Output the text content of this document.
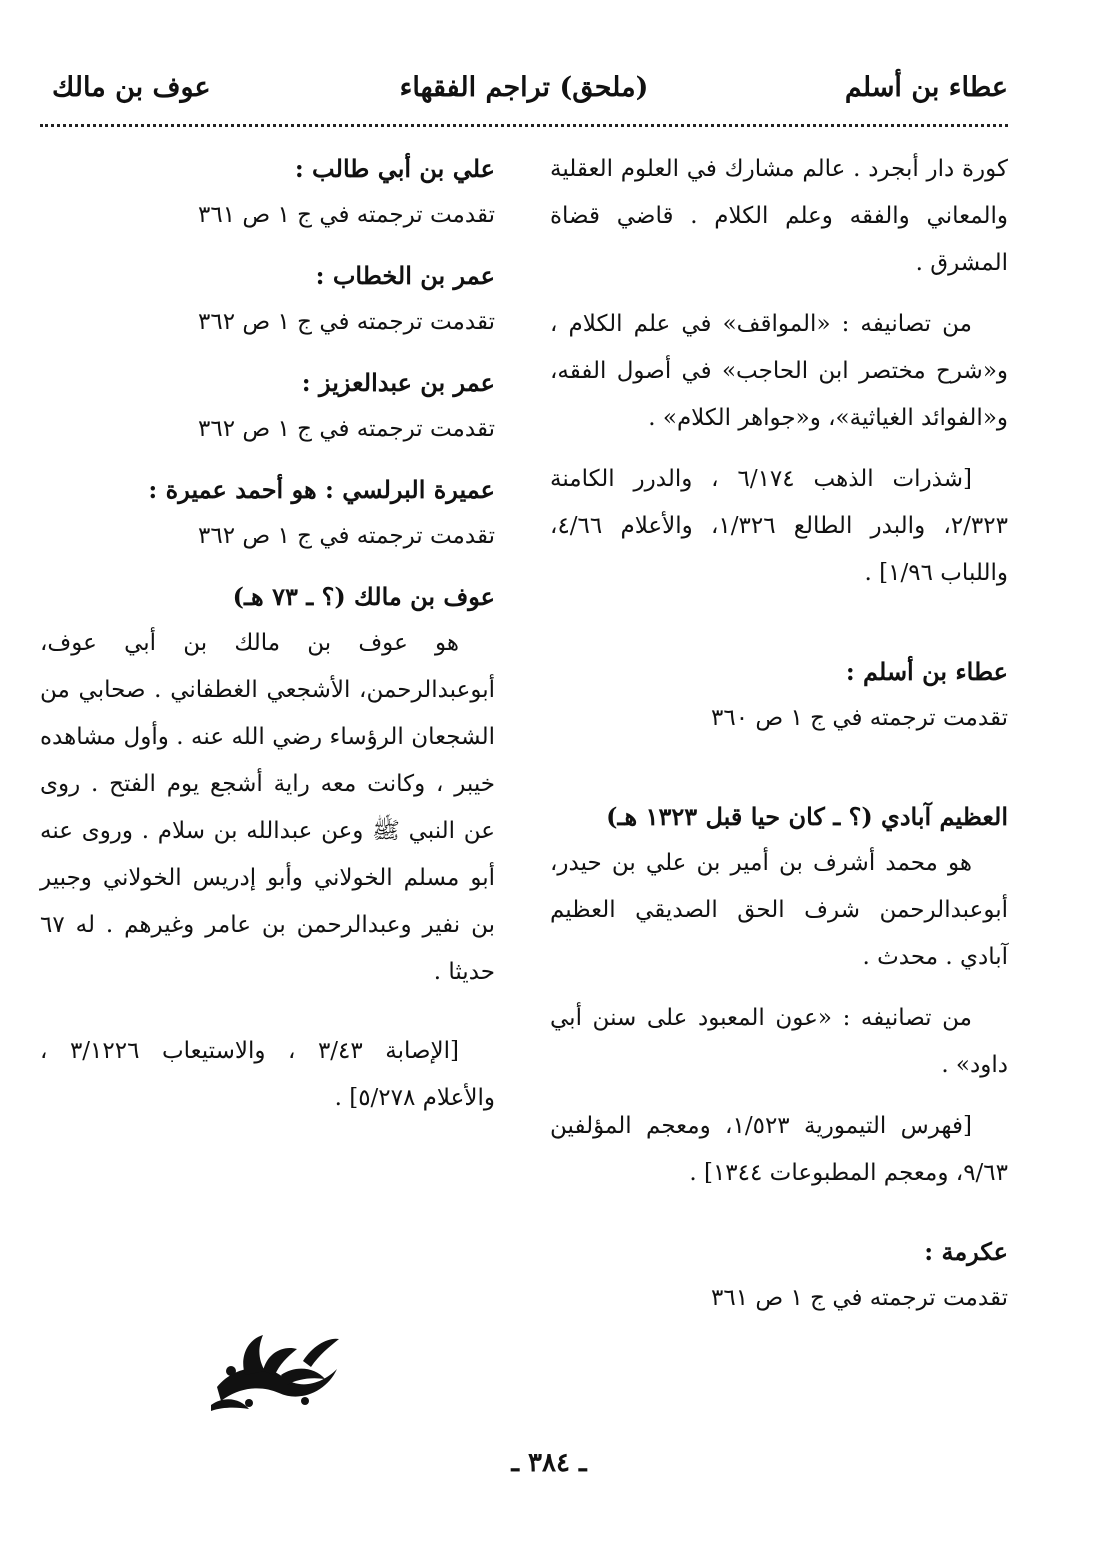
عطاء بن أسلم
(ملحق) تراجم الفقهاء
عوف بن مالك

كورة دار أبجرد . عالم مشارك في العلوم العقلية والمعاني والفقه وعلم الكلام . قاضي قضاة المشرق .

من تصانيفه : «المواقف» في علم الكلام ، و«شرح مختصر ابن الحاجب» في أصول الفقه، و«الفوائد الغياثية»، و«جواهر الكلام» .

[شذرات الذهب ٦/١٧٤ ، والدرر الكامنة ٢/٣٢٣، والبدر الطالع ١/٣٢٦، والأعلام ٤/٦٦، واللباب ١/٩٦] .

عطاء بن أسلم :

تقدمت ترجمته في ج ١ ص ٣٦٠

العظيم آبادي (؟ ـ كان حيا قبل ١٣٢٣ هـ)

هو محمد أشرف بن أمير بن علي بن حيدر، أبوعبدالرحمن شرف الحق الصديقي العظيم آبادي . محدث .

من تصانيفه : «عون المعبود على سنن أبي داود» .

[فهرس التيمورية ١/٥٢٣، ومعجم المؤلفين ٩/٦٣، ومعجم المطبوعات ١٣٤٤] .

عكرمة :

تقدمت ترجمته في ج ١ ص ٣٦١

علي بن أبي طالب :

تقدمت ترجمته في ج ١ ص ٣٦١

عمر بن الخطاب :

تقدمت ترجمته في ج ١ ص ٣٦٢

عمر بن عبدالعزيز :

تقدمت ترجمته في ج ١ ص ٣٦٢

عميرة البرلسي : هو أحمد عميرة :

تقدمت ترجمته في ج ١ ص ٣٦٢

عوف بن مالك (؟ ـ ٧٣ هـ)

هو عوف بن مالك بن أبي عوف، أبوعبدالرحمن، الأشجعي الغطفاني . صحابي من الشجعان الرؤساء رضي الله عنه . وأول مشاهده خيبر ، وكانت معه راية أشجع يوم الفتح . روى عن النبي ﷺ وعن عبدالله بن سلام . وروى عنه أبو مسلم الخولاني وأبو إدريس الخولاني وجبير بن نفير وعبدالرحمن بن عامر وغيرهم . له ٦٧ حديثا .

[الإصابة ٣/٤٣ ، والاستيعاب ٣/١٢٢٦ ، والأعلام ٥/٢٧٨] .

ـ ٣٨٤ ـ
